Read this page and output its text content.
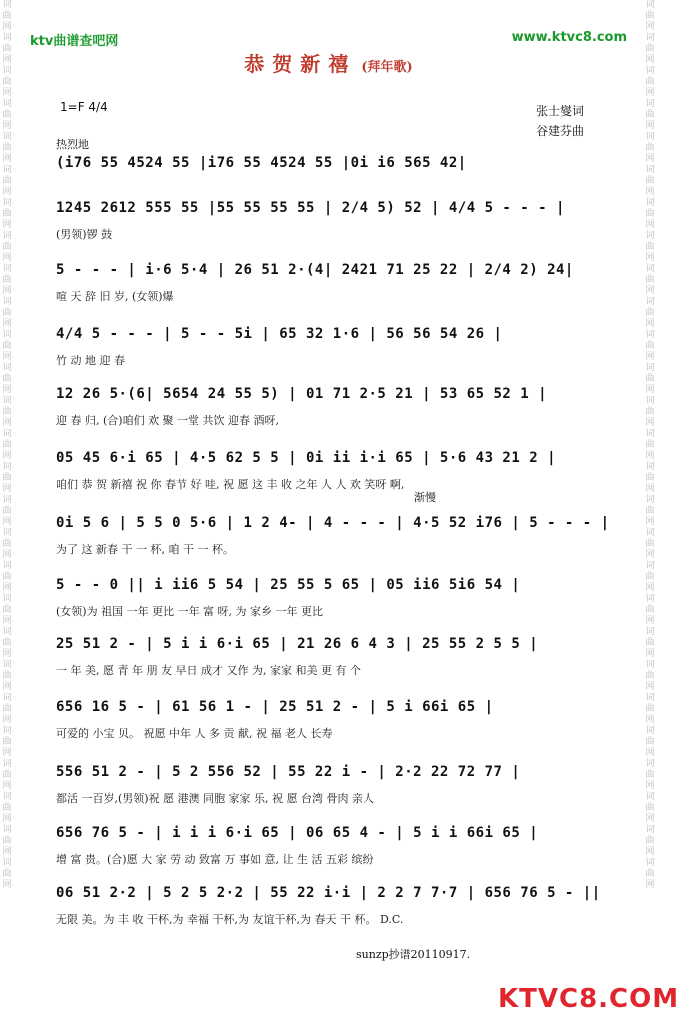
词曲网词曲网词曲网词曲网词曲网词曲网词曲网词曲网词曲网词曲网词曲网词曲网词曲网词曲网词曲网词曲网词曲网词曲网词曲网词曲网词曲网词曲网词曲网词曲网词曲网词曲网词曲网
词曲网词曲网词曲网词曲网词曲网词曲网词曲网词曲网词曲网词曲网词曲网词曲网词曲网词曲网词曲网词曲网词曲网词曲网词曲网词曲网词曲网词曲网词曲网词曲网词曲网词曲网词曲网
ktv曲谱查吧网	www.ktvc8.com
恭贺新禧 (拜年歌)
1=F 4/4	张士燮词
谷建芬曲
热烈地
(i76 55 4524 55 |i76 55 4524 55 |0i i6 565 42|
1245 2612 555 55 |55 55 55 55 | 2/4 5) 52 | 4/4 5 - - - |
(男领)锣 鼓
5 - - - | i·6 5·4 | 26 51 2·(4| 2421 71 25 22 | 2/4 2) 24|
喧 天 辞 旧 岁, (女领)爆
4/4 5 - - - | 5 - - 5i | 65 32 1·6 | 56 56 54 26 |
竹 动 地 迎 春
12 26 5·(6| 5654 24 55 5) | 01 71 2·5 21 | 53 65 52 1 |
迎 春 归, (合)咱们 欢 聚 一堂 共饮 迎春 酒呀,
05 45 6·i 65 | 4·5 62 5 5 | 0i ii i·i 65 | 5·6 43 21 2 |
咱们 恭 贺 新禧 祝 你 春节 好 哇, 祝 愿 这 丰 收 之年 人 人 欢 笑呀 啊,
渐慢
0i 5 6 | 5 5 0 5·6 | 1 2 4- | 4 - - - | 4·5 52 i76 | 5 - - - |
为了 这 新春 干 一 杯, 咱 干 一 杯。
5 - - 0 || i ii6 5 54 | 25 55 5 65 | 05 ii6 5i6 54 |
(女领)为 祖国 一年 更比 一年 富 呀, 为 家乡 一年 更比
25 51 2 - | 5 i i 6·i 65 | 21 26 6 4 3 | 25 55 2 5 5 |
一 年 美, 愿 青 年 朋 友 早日 成才 又作 为, 家家 和美 更 有 个
656 16 5 - | 61 56 1 - | 25 51 2 - | 5 i 66i 65 |
可爱的 小宝 贝。 祝愿 中年 人 多 贡 献, 祝 福 老人 长寿
556 51 2 - | 5 2 556 52 | 55 22 i - | 2·2 22 72 77 |
都活 一百岁,(男领)祝 愿 港澳 同胞 家家 乐, 祝 愿 台湾 骨肉 亲人
656 76 5 - | i i i 6·i 65 | 06 65 4 - | 5 i i 66i 65 |
增 富 贵。(合)愿 大 家 劳 动 致富 万 事如 意, 让 生 活 五彩 缤纷
06 51 2·2 | 5 2 5 2·2 | 55 22 i·i | 2 2 7 7·7 | 656 76 5 - ||
无限 美。为 丰 收 干杯,为 幸福 干杯,为 友谊干杯,为 春天 干 杯。 D.C.
sunzp抄谱20110917.
KTVC8.COM
